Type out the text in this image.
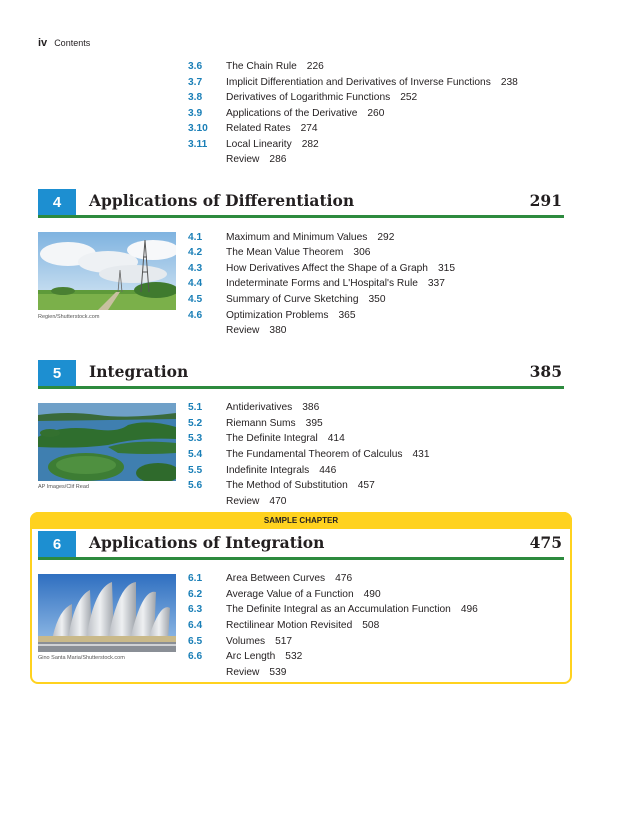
iv Contents
3.6 The Chain Rule 226
3.7 Implicit Differentiation and Derivatives of Inverse Functions 238
3.8 Derivatives of Logarithmic Functions 252
3.9 Applications of the Derivative 260
3.10 Related Rates 274
3.11 Local Linearity 282
Review 286
4	Applications of Differentiation	291
Regien/Shutterstock.com
4.1 Maximum and Minimum Values 292
4.2 The Mean Value Theorem 306
4.3 How Derivatives Affect the Shape of a Graph 315
4.4 Indeterminate Forms and L'Hospital's Rule 337
4.5 Summary of Curve Sketching 350
4.6 Optimization Problems 365
Review 380
5	Integration	385
AP Images/Clif Read
5.1 Antiderivatives 386
5.2 Riemann Sums 395
5.3 The Definite Integral 414
5.4 The Fundamental Theorem of Calculus 431
5.5 Indefinite Integrals 446
5.6 The Method of Substitution 457
Review 470
SAMPLE CHAPTER
6	Applications of Integration	475
Gino Santa Maria/Shutterstock.com
6.1 Area Between Curves 476
6.2 Average Value of a Function 490
6.3 The Definite Integral as an Accumulation Function 496
6.4 Rectilinear Motion Revisited 508
6.5 Volumes 517
6.6 Arc Length 532
Review 539
